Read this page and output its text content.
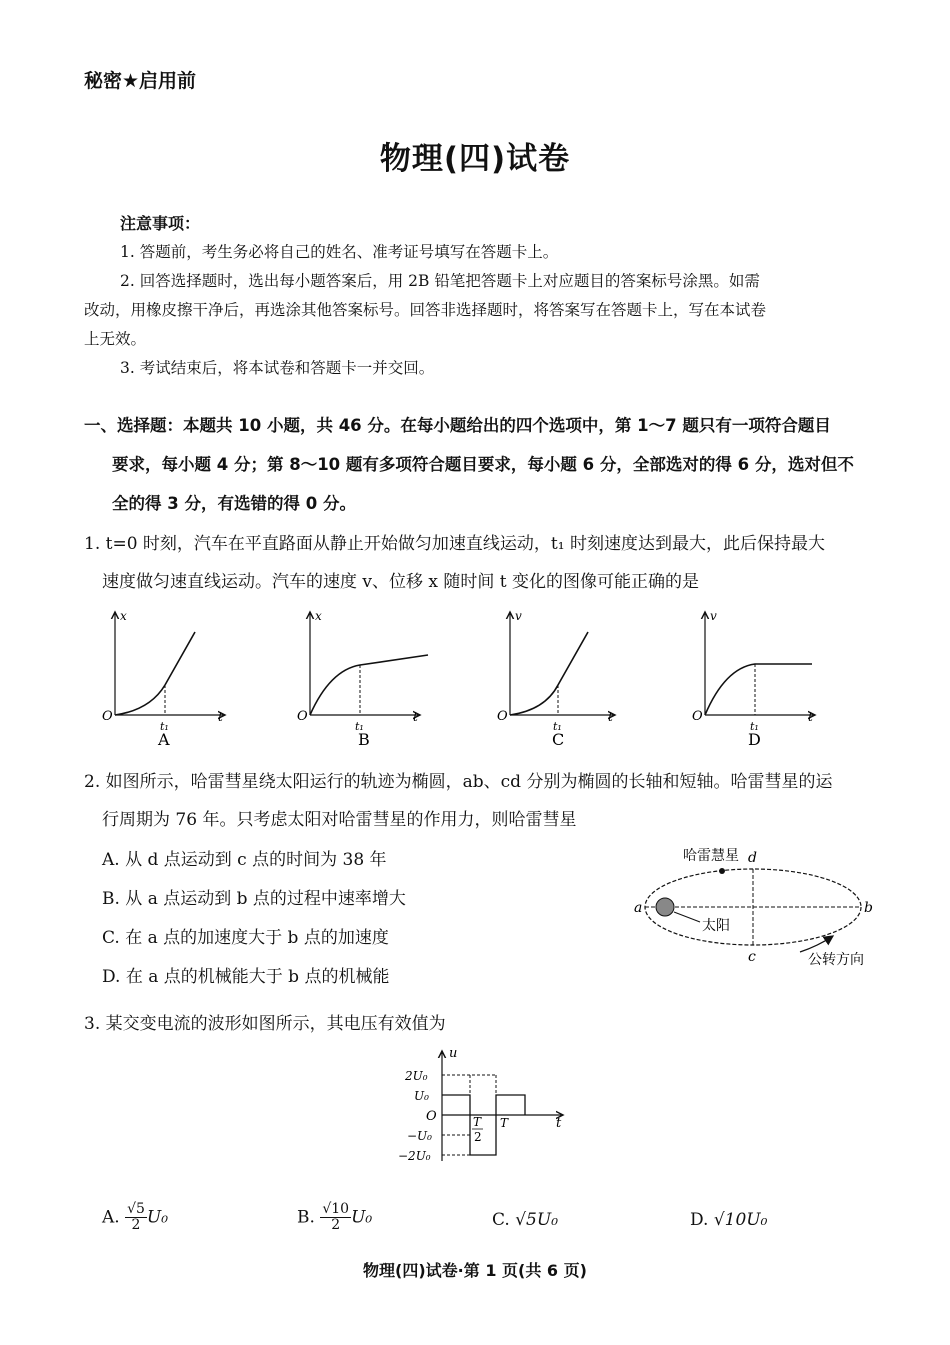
秘密★启用前
物理(四)试卷
注意事项：
1. 答题前，考生务必将自己的姓名、准考证号填写在答题卡上。
2. 回答选择题时，选出每小题答案后，用 2B 铅笔把答题卡上对应题目的答案标号涂黑。如需
改动，用橡皮擦干净后，再选涂其他答案标号。回答非选择题时，将答案写在答题卡上，写在本试卷
上无效。
3. 考试结束后，将本试卷和答题卡一并交回。
一、选择题：本题共 10 小题，共 46 分。在每小题给出的四个选项中，第 1～7 题只有一项符合题目
要求，每小题 4 分；第 8～10 题有多项符合题目要求，每小题 6 分，全部选对的得 6 分，选对但不
全的得 3 分，有选错的得 0 分。
1. t=0 时刻，汽车在平直路面从静止开始做匀加速直线运动，t₁ 时刻速度达到最大，此后保持最大
速度做匀速直线运动。汽车的速度 v、位移 x 随时间 t 变化的图像可能正确的是
x
t
O
t₁
A
x
t
O
t₁
B
v
t
O
t₁
C
v
t
O
t₁
D
2. 如图所示，哈雷彗星绕太阳运行的轨迹为椭圆，ab、cd 分别为椭圆的长轴和短轴。哈雷彗星的运
行周期为 76 年。只考虑太阳对哈雷彗星的作用力，则哈雷彗星
A. 从 d 点运动到 c 点的时间为 38 年
B. 从 a 点运动到 b 点的过程中速率增大
C. 在 a 点的加速度大于 b 点的加速度
D. 在 a 点的机械能大于 b 点的机械能
哈雷慧星 d
a	b
c
太阳
公转方向
3. 某交变电流的波形如图所示，其电压有效值为
u
t
O
2U₀
U₀
−U₀
−2U₀
T
2
T
A. $\frac{√5}{2} U_0$	B. $\frac{√10}{2} U_0$	C. √5U₀	D. √10U₀
物理(四)试卷·第 1 页(共 6 页)
